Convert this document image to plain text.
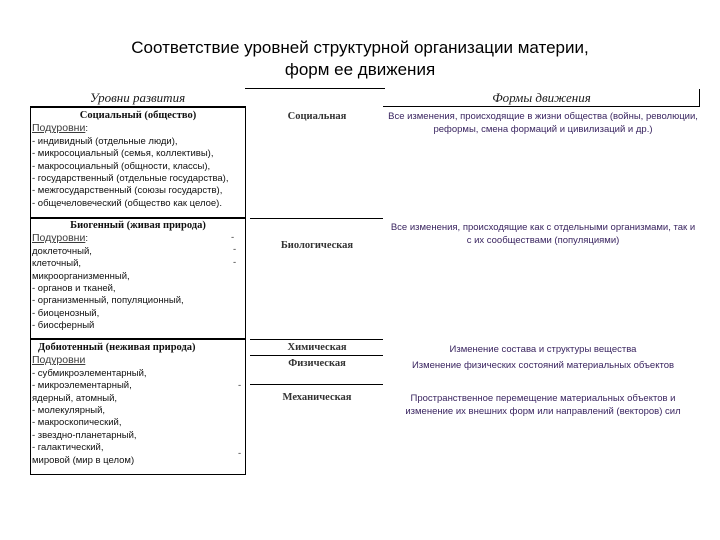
Соответствие уровней структурной организации материи,
форм ее движения
Уровни развития	Формы движения
Социальный (общество)
Подуровни:
- индивидный (отдельные люди),
- микросоциальный (семья, коллективы),
- макросоциальный (общности, классы),
- государственный (отдельные государства),
- межгосударственный (союзы государств),
- общечеловеческий (общество как целое).
Биогенный (живая природа)
Подуровни:
доклеточный,
клеточный,
микроорганизменный,
- органов и тканей,
- организменный, популяционный,
- биоценозный,
- биосферный
-
-
-
Добиотенный (неживая природа)
Подуровни
- субмикроэлементарный,
- микроэлементарный,
ядерный, атомный,
- молекулярный,
- макроскопический,
- звездно-планетарный,
- галактический,
мировой (мир в целом)
-
-
Социальная
Биологическая
Химическая
Физическая
Механическая
Все изменения, происходящие в жизни общества (войны, революции, реформы, смена формаций и цивилизаций и др.)
Все изменения, происходящие как с отдельными организмами, так и с их сообществами (популяциями)
Изменение состава и структуры вещества
Изменение физических состояний материальных объектов
Пространственное перемещение материальных объектов и изменение их внешних форм или направлений (векторов) сил
